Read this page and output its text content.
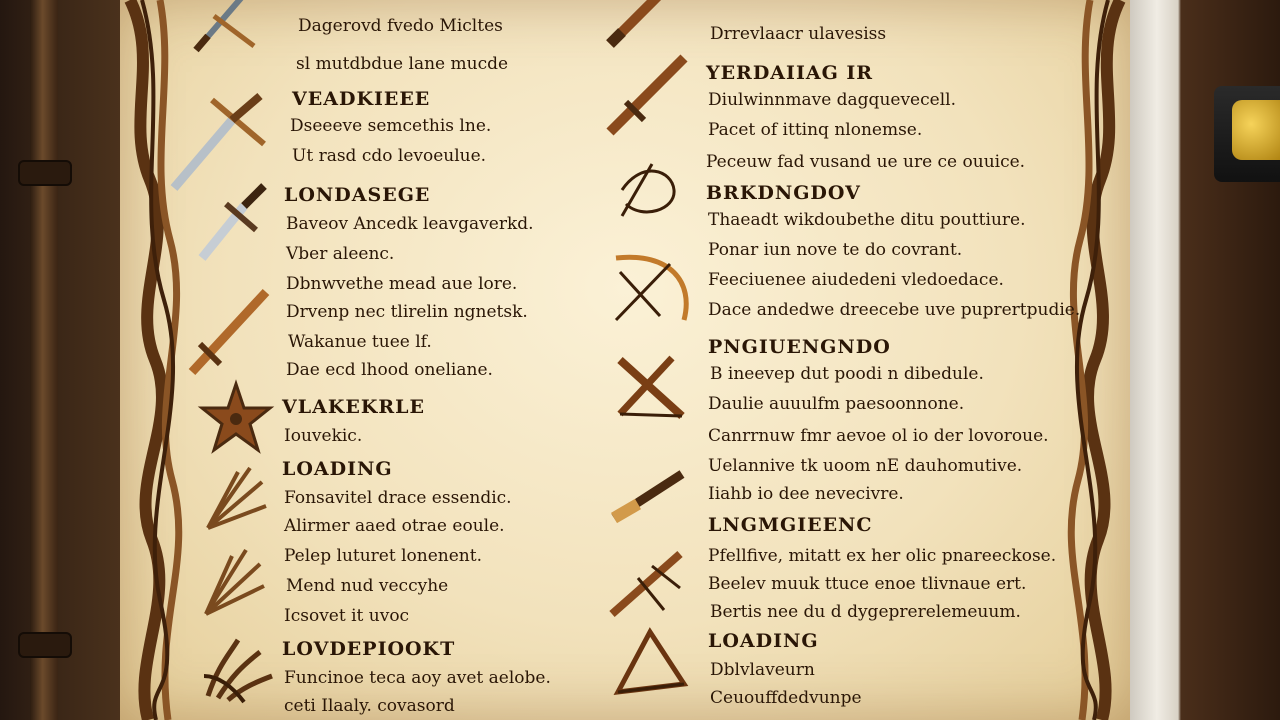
Dagerovd fvedo Micltes
sl mutdbdue lane mucde
VEADKIEEE
Dseeeve semcethis lne.
Ut rasd cdo levoeulue.
LONDASEGE
Baveov Ancedk leavgaverkd.
Vber aleenc.
Dbnwvethe mead aue lore.
Drvenp nec tlirelin ngnetsk.
Wakanue tuee lf.
Dae ecd lhood oneliane.
VLAKEKRLE
Iouvekic.
LOADING
Fonsavitel drace essendic.
Alirmer aaed otrae eoule.
Pelep luturet lonenent.
Mend nud veccyhe
Icsovet it uvoc
LOVDEPIOOKT
Funcinoe teca aoy avet aelobe.
ceti Ilaaly. covasord
Drrevlaacr ulavesiss
YERDAIIAG IR
Diulwinnmave dagquevecell.
Pacet of ittinq nlonemse.
Peceuw fad vusand ue ure ce ouuice.
BRKDNGDOV
Thaeadt wikdoubethe ditu pouttiure.
Ponar iun nove te do covrant.
Feeciuenee aiudedeni vledoedace.
Dace andedwe dreecebe uve puprertpudie.
PNGIUENGNDO
B ineevep dut poodi n dibedule.
Daulie auuulfm paesoonnone.
Canrrnuw fmr aevoe ol io der lovoroue.
Uelannive tk uoom nE dauhomutive.
Iiahb io dee nevecivre.
LNGMGIEENC
Pfellfive, mitatt ex her olic pnareeckose.
Beelev muuk ttuce enoe tlivnaue ert.
Bertis nee du d dygeprerelemeuum.
LOADING
Dblvlaveurn
Ceuouffdedvunpe
